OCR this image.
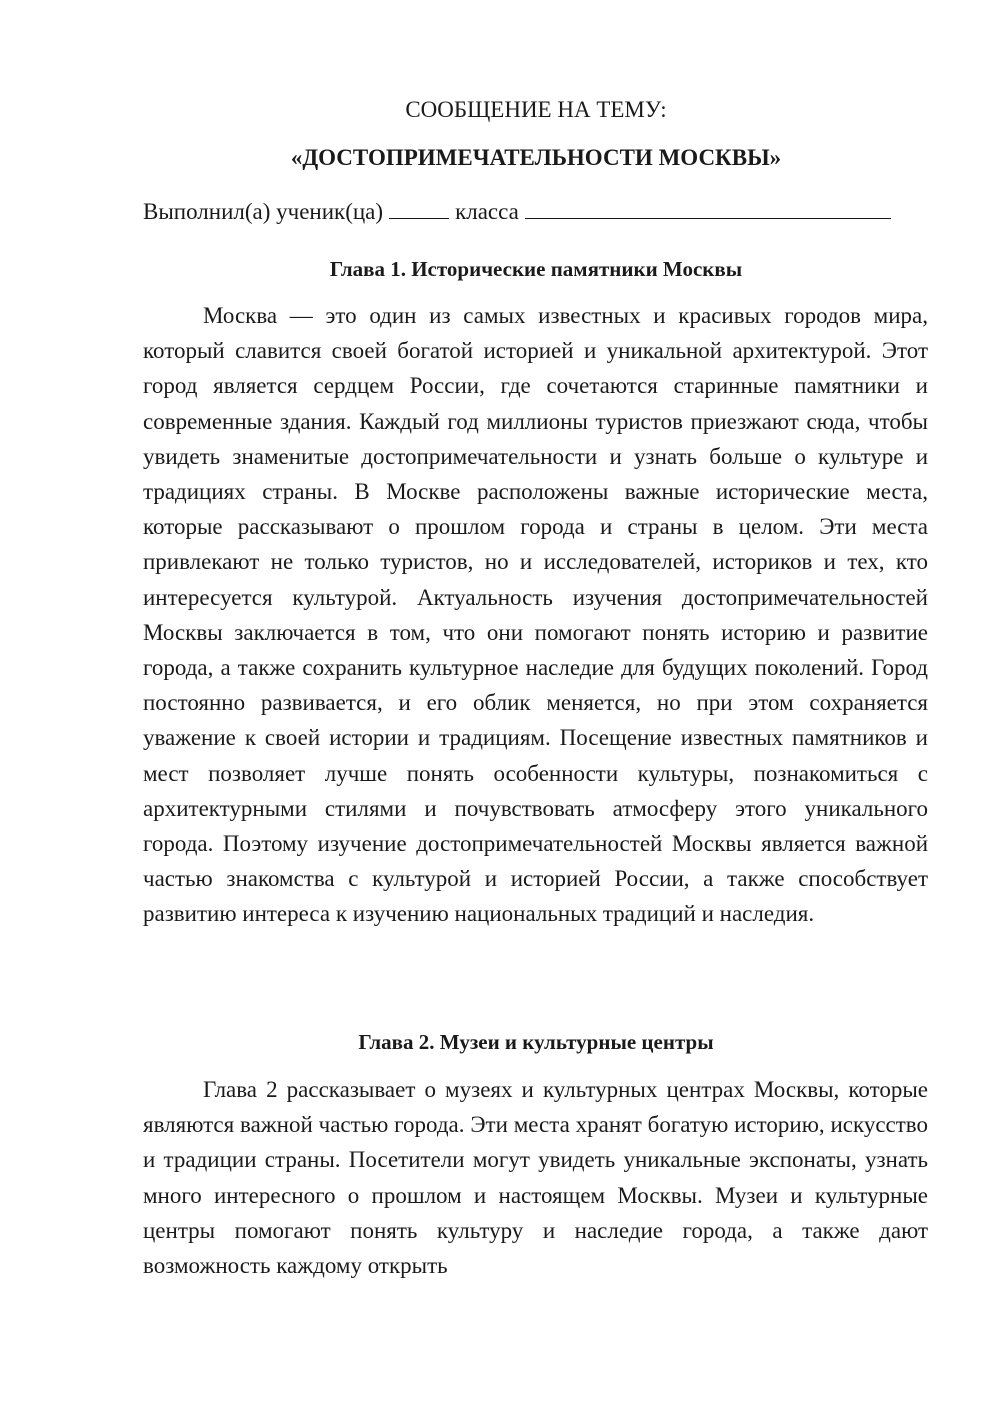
СООБЩЕНИЕ НА ТЕМУ:

«ДОСТОПРИМЕЧАТЕЛЬНОСТИ МОСКВЫ»

Выполнил(а) ученик(ца)	класса

Глава 1. Исторические памятники Москвы

Москва — это один из самых известных и красивых городов мира, который славится своей богатой историей и уникальной архитектурой. Этот город является сердцем России, где сочетаются старинные памятники и современные здания. Каждый год миллионы туристов приезжают сюда, чтобы увидеть знаменитые достопримечательности и узнать больше о культуре и традициях страны. В Москве расположены важные исторические места, которые рассказывают о прошлом города и страны в целом. Эти места привлекают не только туристов, но и исследователей, историков и тех, кто интересуется культурой. Актуальность изучения достопримечательностей Москвы заключается в том, что они помогают понять историю и развитие города, а также сохранить культурное наследие для будущих поколений. Город постоянно развивается, и его облик меняется, но при этом сохраняется уважение к своей истории и традициям. Посещение известных памятников и мест позволяет лучше понять особенности культуры, познакомиться с архитектурными стилями и почувствовать атмосферу этого уникального города. Поэтому изучение достопримечательностей Москвы является важной частью знакомства с культурой и историей России, а также способствует развитию интереса к изучению национальных традиций и наследия.

Глава 2. Музеи и культурные центры

Глава 2 рассказывает о музеях и культурных центрах Москвы, которые являются важной частью города. Эти места хранят богатую историю, искусство и традиции страны. Посетители могут увидеть уникальные экспонаты, узнать много интересного о прошлом и настоящем Москвы. Музеи и культурные центры помогают понять культуру и наследие города, а также дают возможность каждому открыть
